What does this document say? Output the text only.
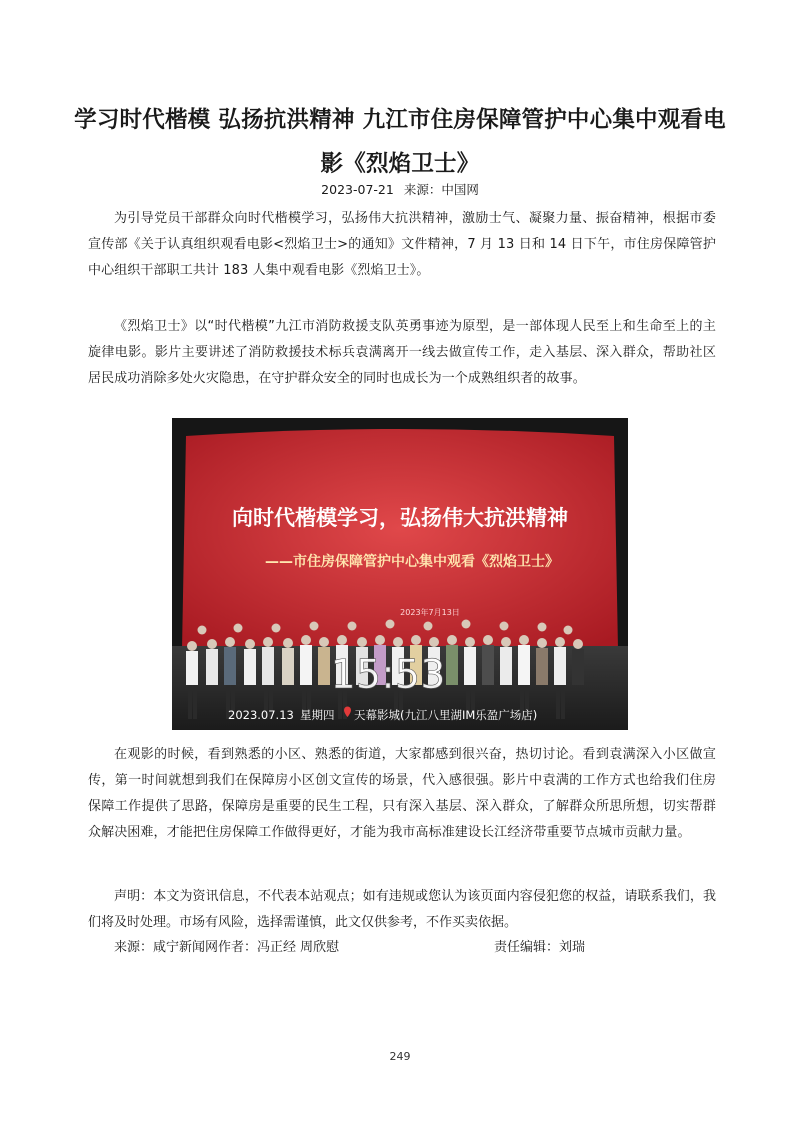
学习时代楷模 弘扬抗洪精神 九江市住房保障管护中心集中观看电
影《烈焰卫士》
2023-07-21 来源：中国网

为引导党员干部群众向时代楷模学习，弘扬伟大抗洪精神，激励士气、凝聚力量、振奋精神，根据市委宣传部《关于认真组织观看电影<烈焰卫士>的通知》文件精神，7 月 13 日和 14 日下午，市住房保障管护中心组织干部职工共计 183 人集中观看电影《烈焰卫士》。

《烈焰卫士》以“时代楷模”九江市消防救援支队英勇事迹为原型，是一部体现人民至上和生命至上的主旋律电影。影片主要讲述了消防救援技术标兵袁满离开一线去做宣传工作，走入基层、深入群众，帮助社区居民成功消除多处火灾隐患，在守护群众安全的同时也成长为一个成熟组织者的故事。

向时代楷模学习，弘扬伟大抗洪精神
——市住房保障管护中心集中观看《烈焰卫士》
2023年7月13日
15:53
2023.07.13 星期四 天幕影城(九江八里湖IM乐盈广场店)

在观影的时候，看到熟悉的小区、熟悉的街道，大家都感到很兴奋，热切讨论。看到袁满深入小区做宣传，第一时间就想到我们在保障房小区创文宣传的场景，代入感很强。影片中袁满的工作方式也给我们住房保障工作提供了思路，保障房是重要的民生工程，只有深入基层、深入群众，了解群众所思所想，切实帮群众解决困难，才能把住房保障工作做得更好，才能为我市高标准建设长江经济带重要节点城市贡献力量。

声明：本文为资讯信息，不代表本站观点；如有违规或您认为该页面内容侵犯您的权益，请联系我们，我们将及时处理。市场有风险，选择需谨慎，此文仅供参考，不作买卖依据。

来源：咸宁新闻网作者：冯正经 周欣慰	责任编辑：刘瑞
249
